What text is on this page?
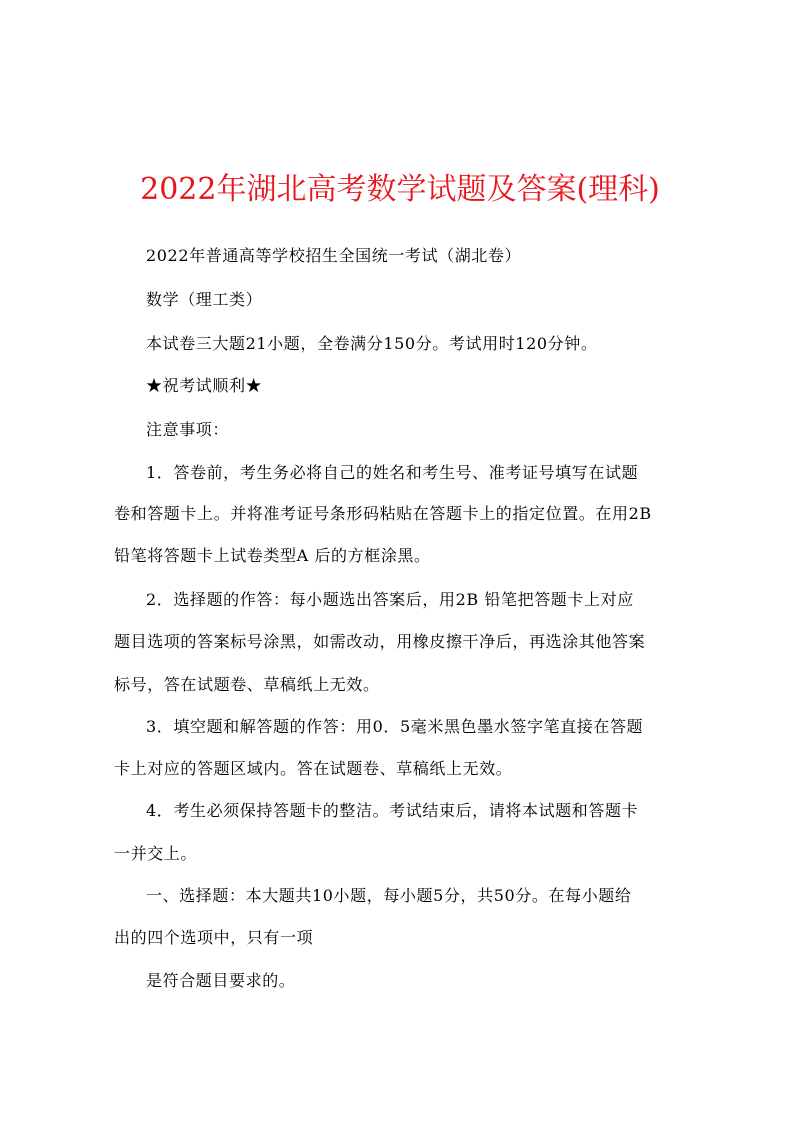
2022年湖北高考数学试题及答案(理科)
2022年普通高等学校招生全国统一考试（湖北卷）
数学（理工类）
本试卷三大题21小题，全卷满分150分。考试用时120分钟。
★祝考试顺利★
注意事项：
1．答卷前，考生务必将自己的姓名和考生号、准考证号填写在试题
卷和答题卡上。并将准考证号条形码粘贴在答题卡上的指定位置。在用2B
铅笔将答题卡上试卷类型A 后的方框涂黑。
2．选择题的作答：每小题选出答案后，用2B 铅笔把答题卡上对应
题目选项的答案标号涂黑，如需改动，用橡皮擦干净后，再选涂其他答案
标号，答在试题卷、草稿纸上无效。
3．填空题和解答题的作答：用0．5毫米黑色墨水签字笔直接在答题
卡上对应的答题区域内。答在试题卷、草稿纸上无效。
4．考生必须保持答题卡的整洁。考试结束后，请将本试题和答题卡
一并交上。
一、选择题：本大题共10小题，每小题5分，共50分。在每小题给
出的四个选项中，只有一项
是符合题目要求的。
